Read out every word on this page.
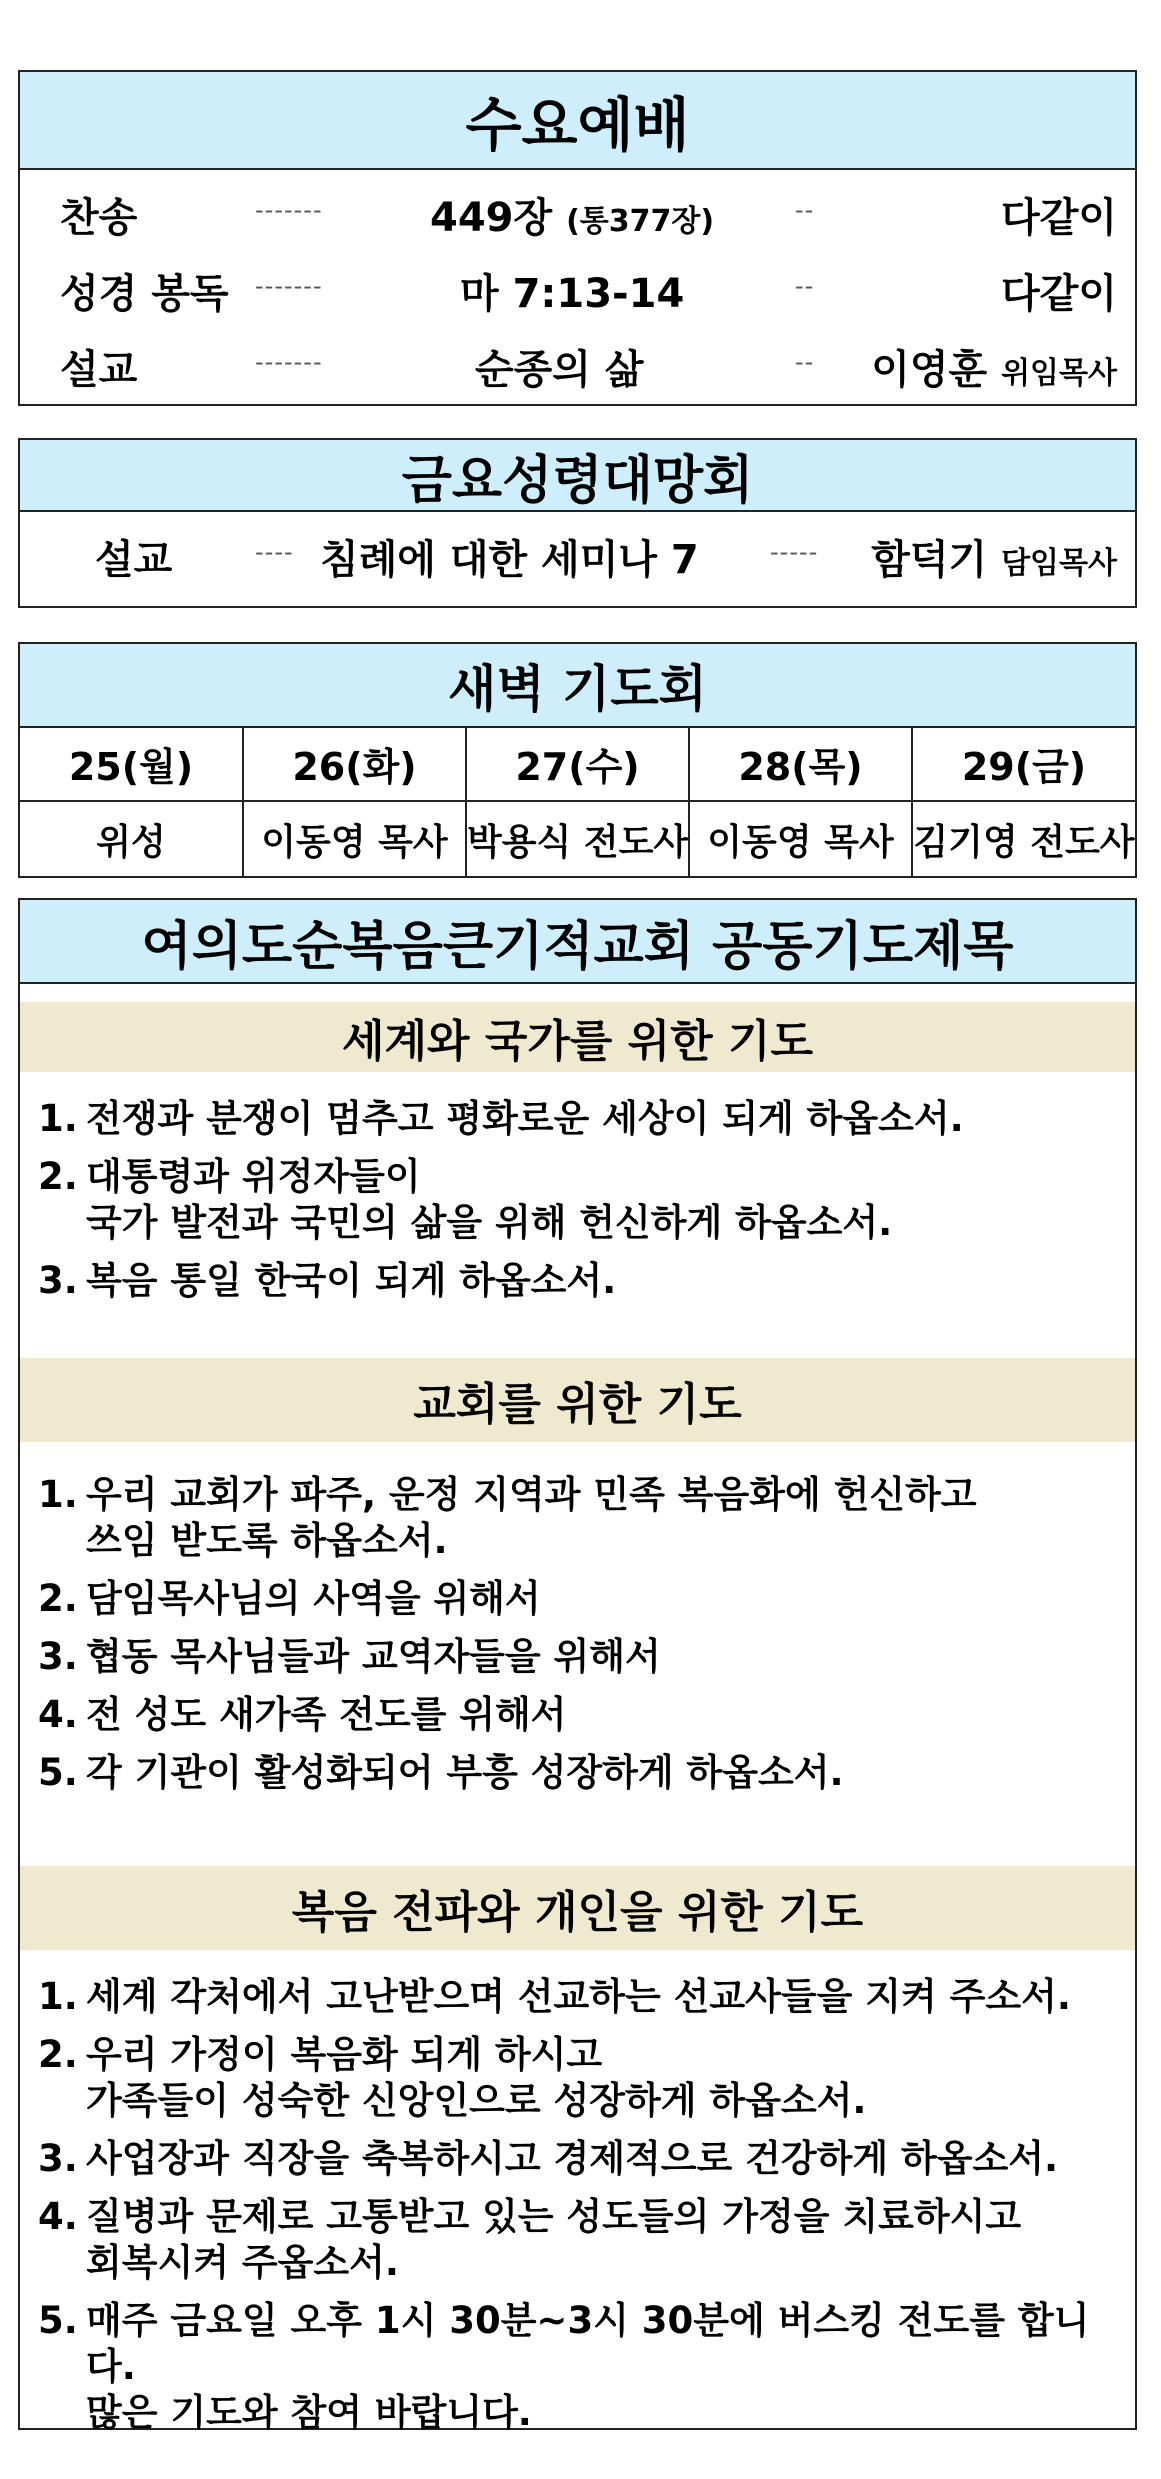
수요예배
찬송	-------	449장 (통377장)	--	다같이
성경 봉독 -------	마 7:13-14	--	다같이
설교	-------	순종의 삶	-- 이영훈 위임목사
금요성령대망회
설교	---- 침례에 대한 세미나 7	----- 함덕기 담임목사
새벽 기도회
25(월)	26(화)	27(수)	28(목)	29(금)
위성	이동영 목사	박용식 전도사	이동영 목사	김기영 전도사
여의도순복음큰기적교회 공동기도제목
세계와 국가를 위한 기도
1. 전쟁과 분쟁이 멈추고 평화로운 세상이 되게 하옵소서.
2. 대통령과 위정자들이
국가 발전과 국민의 삶을 위해 헌신하게 하옵소서.
3. 복음 통일 한국이 되게 하옵소서.
교회를 위한 기도
1. 우리 교회가 파주, 운정 지역과 민족 복음화에 헌신하고
쓰임 받도록 하옵소서.
2. 담임목사님의 사역을 위해서
3. 협동 목사님들과 교역자들을 위해서
4. 전 성도 새가족 전도를 위해서
5. 각 기관이 활성화되어 부흥 성장하게 하옵소서.
복음 전파와 개인을 위한 기도
1. 세계 각처에서 고난받으며 선교하는 선교사들을 지켜 주소서.
2. 우리 가정이 복음화 되게 하시고
가족들이 성숙한 신앙인으로 성장하게 하옵소서.
3. 사업장과 직장을 축복하시고 경제적으로 건강하게 하옵소서.
4. 질병과 문제로 고통받고 있는 성도들의 가정을 치료하시고
회복시켜 주옵소서.
5. 매주 금요일 오후 1시 30분~3시 30분에 버스킹 전도를 합니다.
많은 기도와 참여 바랍니다.
